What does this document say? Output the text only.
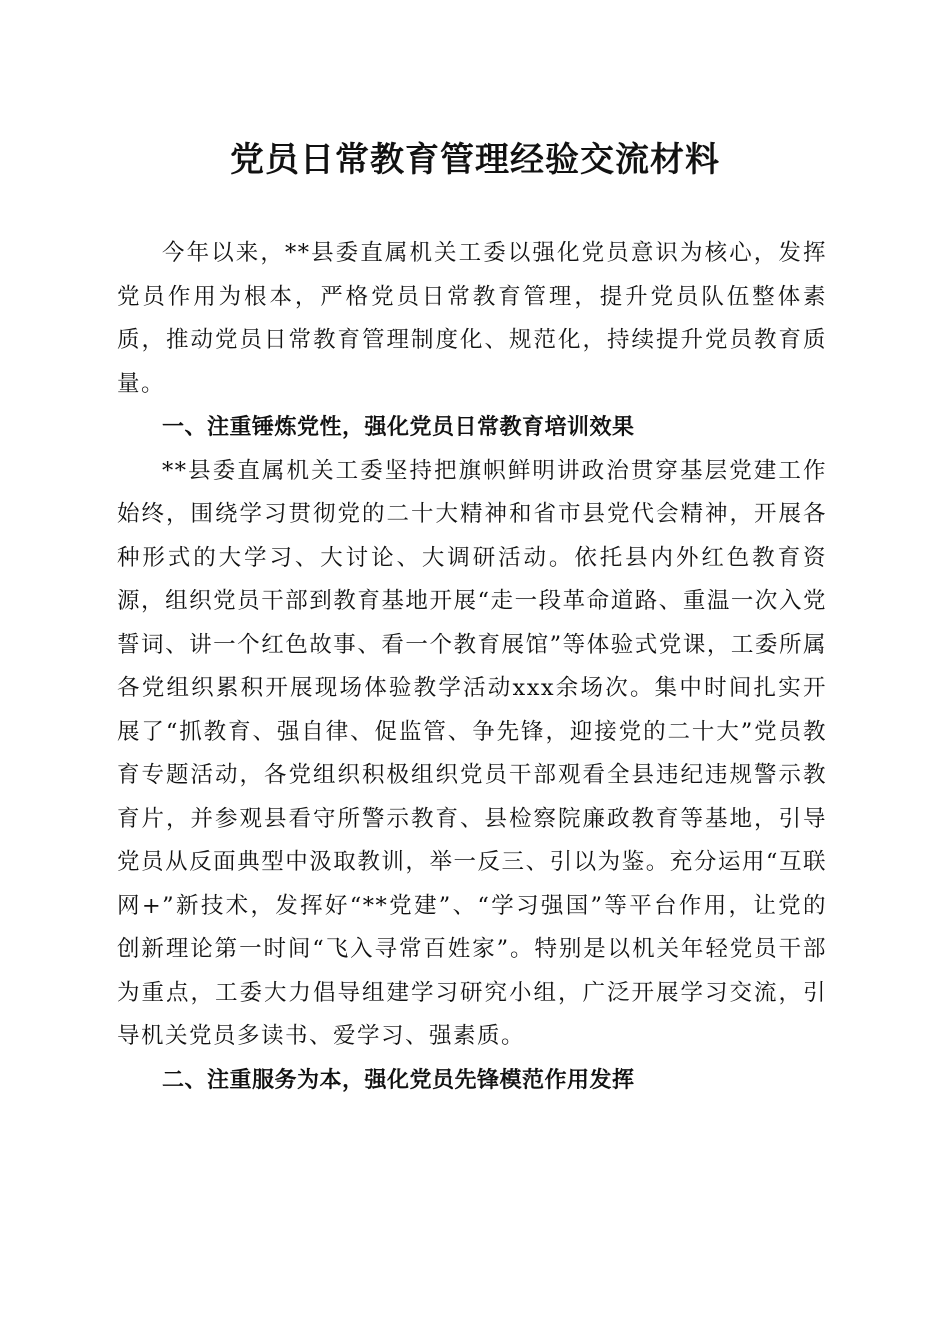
党员日常教育管理经验交流材料

今年以来，**县委直属机关工委以强化党员意识为核心，发挥党员作用为根本，严格党员日常教育管理，提升党员队伍整体素质，推动党员日常教育管理制度化、规范化，持续提升党员教育质量。

一、注重锤炼党性，强化党员日常教育培训效果

**县委直属机关工委坚持把旗帜鲜明讲政治贯穿基层党建工作始终，围绕学习贯彻党的二十大精神和省市县党代会精神，开展各种形式的大学习、大讨论、大调研活动。依托县内外红色教育资源，组织党员干部到教育基地开展“走一段革命道路、重温一次入党誓词、讲一个红色故事、看一个教育展馆”等体验式党课，工委所属各党组织累积开展现场体验教学活动xxx余场次。集中时间扎实开展了“抓教育、强自律、促监管、争先锋，迎接党的二十大”党员教育专题活动，各党组织积极组织党员干部观看全县违纪违规警示教育片，并参观县看守所警示教育、县检察院廉政教育等基地，引导党员从反面典型中汲取教训，举一反三、引以为鉴。充分运用“互联网+”新技术，发挥好“**党建”、“学习强国”等平台作用，让党的创新理论第一时间“飞入寻常百姓家”。特别是以机关年轻党员干部为重点，工委大力倡导组建学习研究小组，广泛开展学习交流，引导机关党员多读书、爱学习、强素质。

二、注重服务为本，强化党员先锋模范作用发挥
